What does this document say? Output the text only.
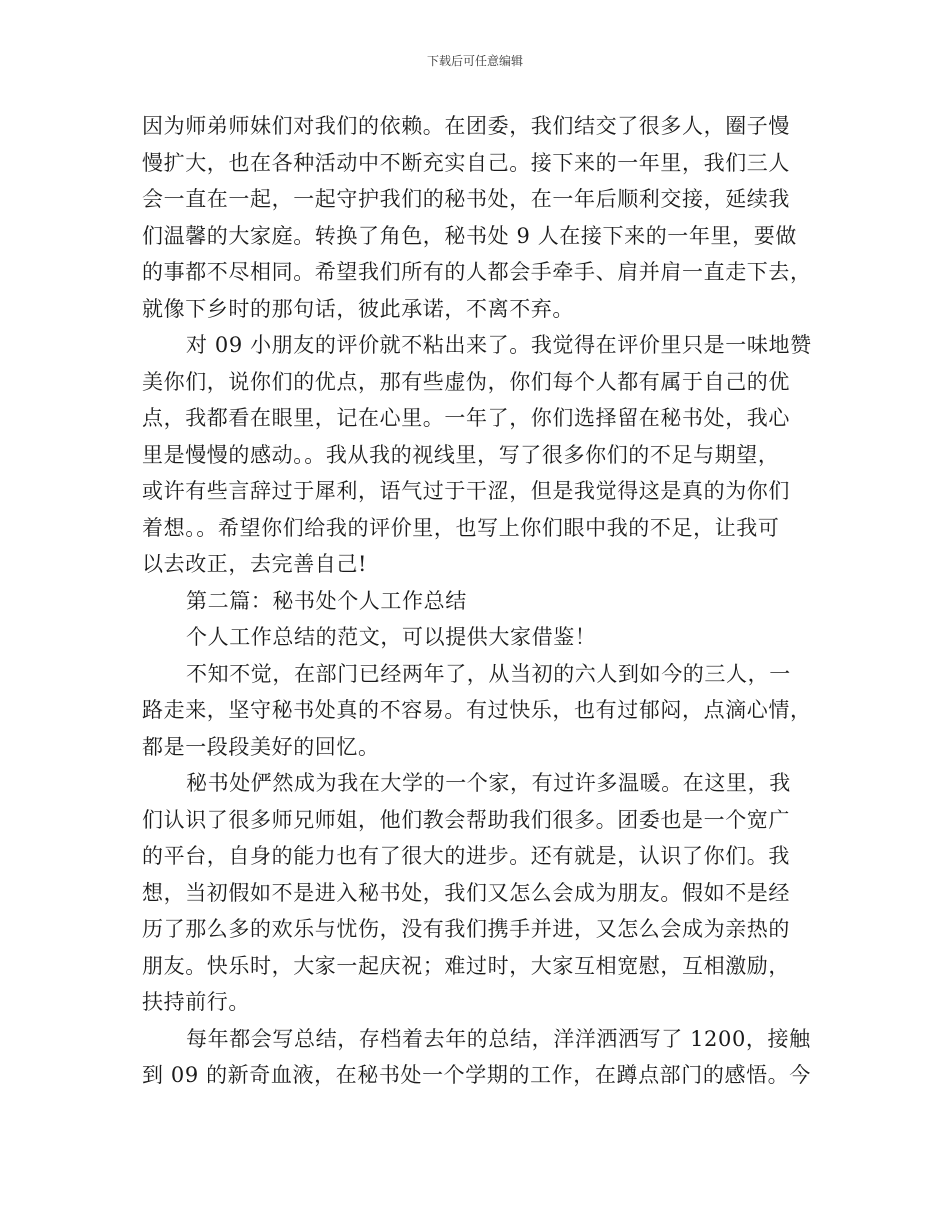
下载后可任意编辑
因为师弟师妹们对我们的依赖。在团委，我们结交了很多人，圈子慢
慢扩大，也在各种活动中不断充实自己。接下来的一年里，我们三人
会一直在一起，一起守护我们的秘书处，在一年后顺利交接，延续我
们温馨的大家庭。转换了角色，秘书处 9 人在接下来的一年里，要做
的事都不尽相同。希望我们所有的人都会手牵手、肩并肩一直走下去，
就像下乡时的那句话，彼此承诺，不离不弃。
对 09 小朋友的评价就不粘出来了。我觉得在评价里只是一味地赞
美你们，说你们的优点，那有些虚伪，你们每个人都有属于自己的优
点，我都看在眼里，记在心里。一年了，你们选择留在秘书处，我心
里是慢慢的感动。。我从我的视线里，写了很多你们的不足与期望，
或许有些言辞过于犀利，语气过于干涩，但是我觉得这是真的为你们
着想。。希望你们给我的评价里，也写上你们眼中我的不足，让我可
以去改正，去完善自己!
第二篇：秘书处个人工作总结
个人工作总结的范文，可以提供大家借鉴！
不知不觉，在部门已经两年了，从当初的六人到如今的三人，一
路走来，坚守秘书处真的不容易。有过快乐，也有过郁闷，点滴心情，
都是一段段美好的回忆。
秘书处俨然成为我在大学的一个家，有过许多温暖。在这里，我
们认识了很多师兄师姐，他们教会帮助我们很多。团委也是一个宽广
的平台，自身的能力也有了很大的进步。还有就是，认识了你们。我
想，当初假如不是进入秘书处，我们又怎么会成为朋友。假如不是经
历了那么多的欢乐与忧伤，没有我们携手并进，又怎么会成为亲热的
朋友。快乐时，大家一起庆祝；难过时，大家互相宽慰，互相激励，
扶持前行。
每年都会写总结，存档着去年的总结，洋洋洒洒写了 1200，接触
到 09 的新奇血液，在秘书处一个学期的工作，在蹲点部门的感悟。今
